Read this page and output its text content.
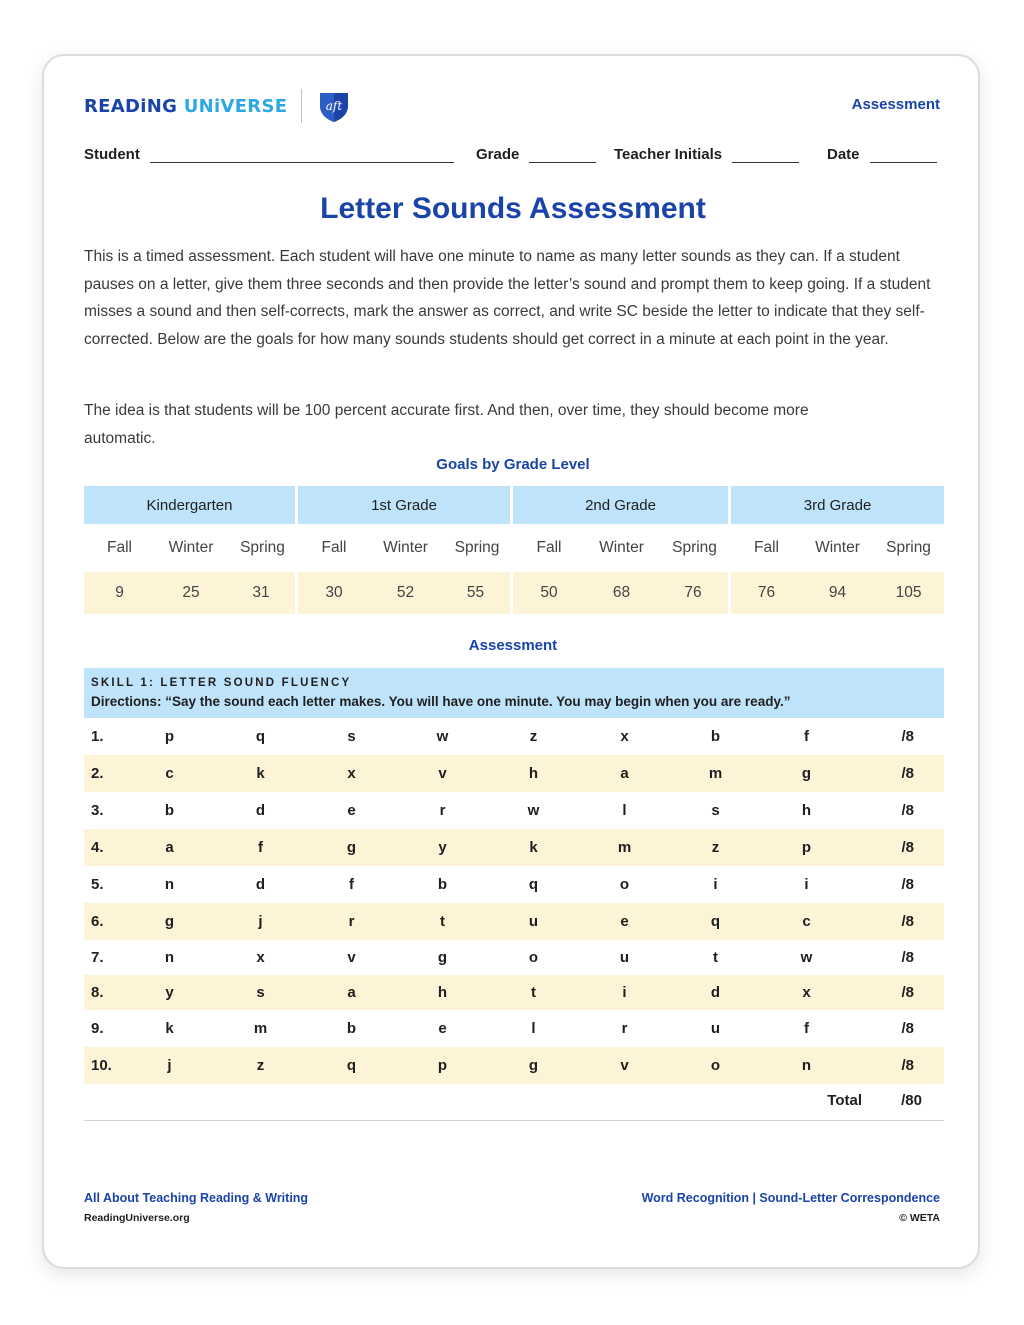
READiNG UNiVERSE	aft	Assessment
Student	Grade	Teacher Initials	Date
Letter Sounds Assessment
This is a timed assessment. Each student will have one minute to name as many letter sounds as they can. If a student pauses on a letter, give them three seconds and then provide the letter’s sound and prompt them to keep going. If a student misses a sound and then self-corrects, mark the answer as correct, and write SC beside the letter to indicate that they self-corrected. Below are the goals for how many sounds students should get correct in a minute at each point in the year.
The idea is that students will be 100 percent accurate first. And then, over time, they should become more automatic.
Goals by Grade Level
Kindergarten			1st Grade			2nd Grade			3rd Grade		
Fall	Winter	Spring	Fall	Winter	Spring	Fall	Winter	Spring	Fall	Winter	Spring
9	25	31	30	52	55	50	68	76	76	94	105
Assessment
SKILL 1: LETTER SOUND FLUENCY
Directions: “Say the sound each letter makes. You will have one minute. You may begin when you are ready.”
1.	p	q	s	w	z	x	b	f	/8
2.	c	k	x	v	h	a	m	g	/8
3.	b	d	e	r	w	l	s	h	/8
4.	a	f	g	y	k	m	z	p	/8
5.	n	d	f	b	q	o	i	i	/8
6.	g	j	r	t	u	e	q	c	/8
7.	n	x	v	g	o	u	t	w	/8
8.	y	s	a	h	t	i	d	x	/8
9.	k	m	b	e	l	r	u	f	/8
10.	j	z	q	p	g	v	o	n	/8
Total	/80
All About Teaching Reading & Writing
ReadingUniverse.org
Word Recognition | Sound-Letter Correspondence
© WETA
